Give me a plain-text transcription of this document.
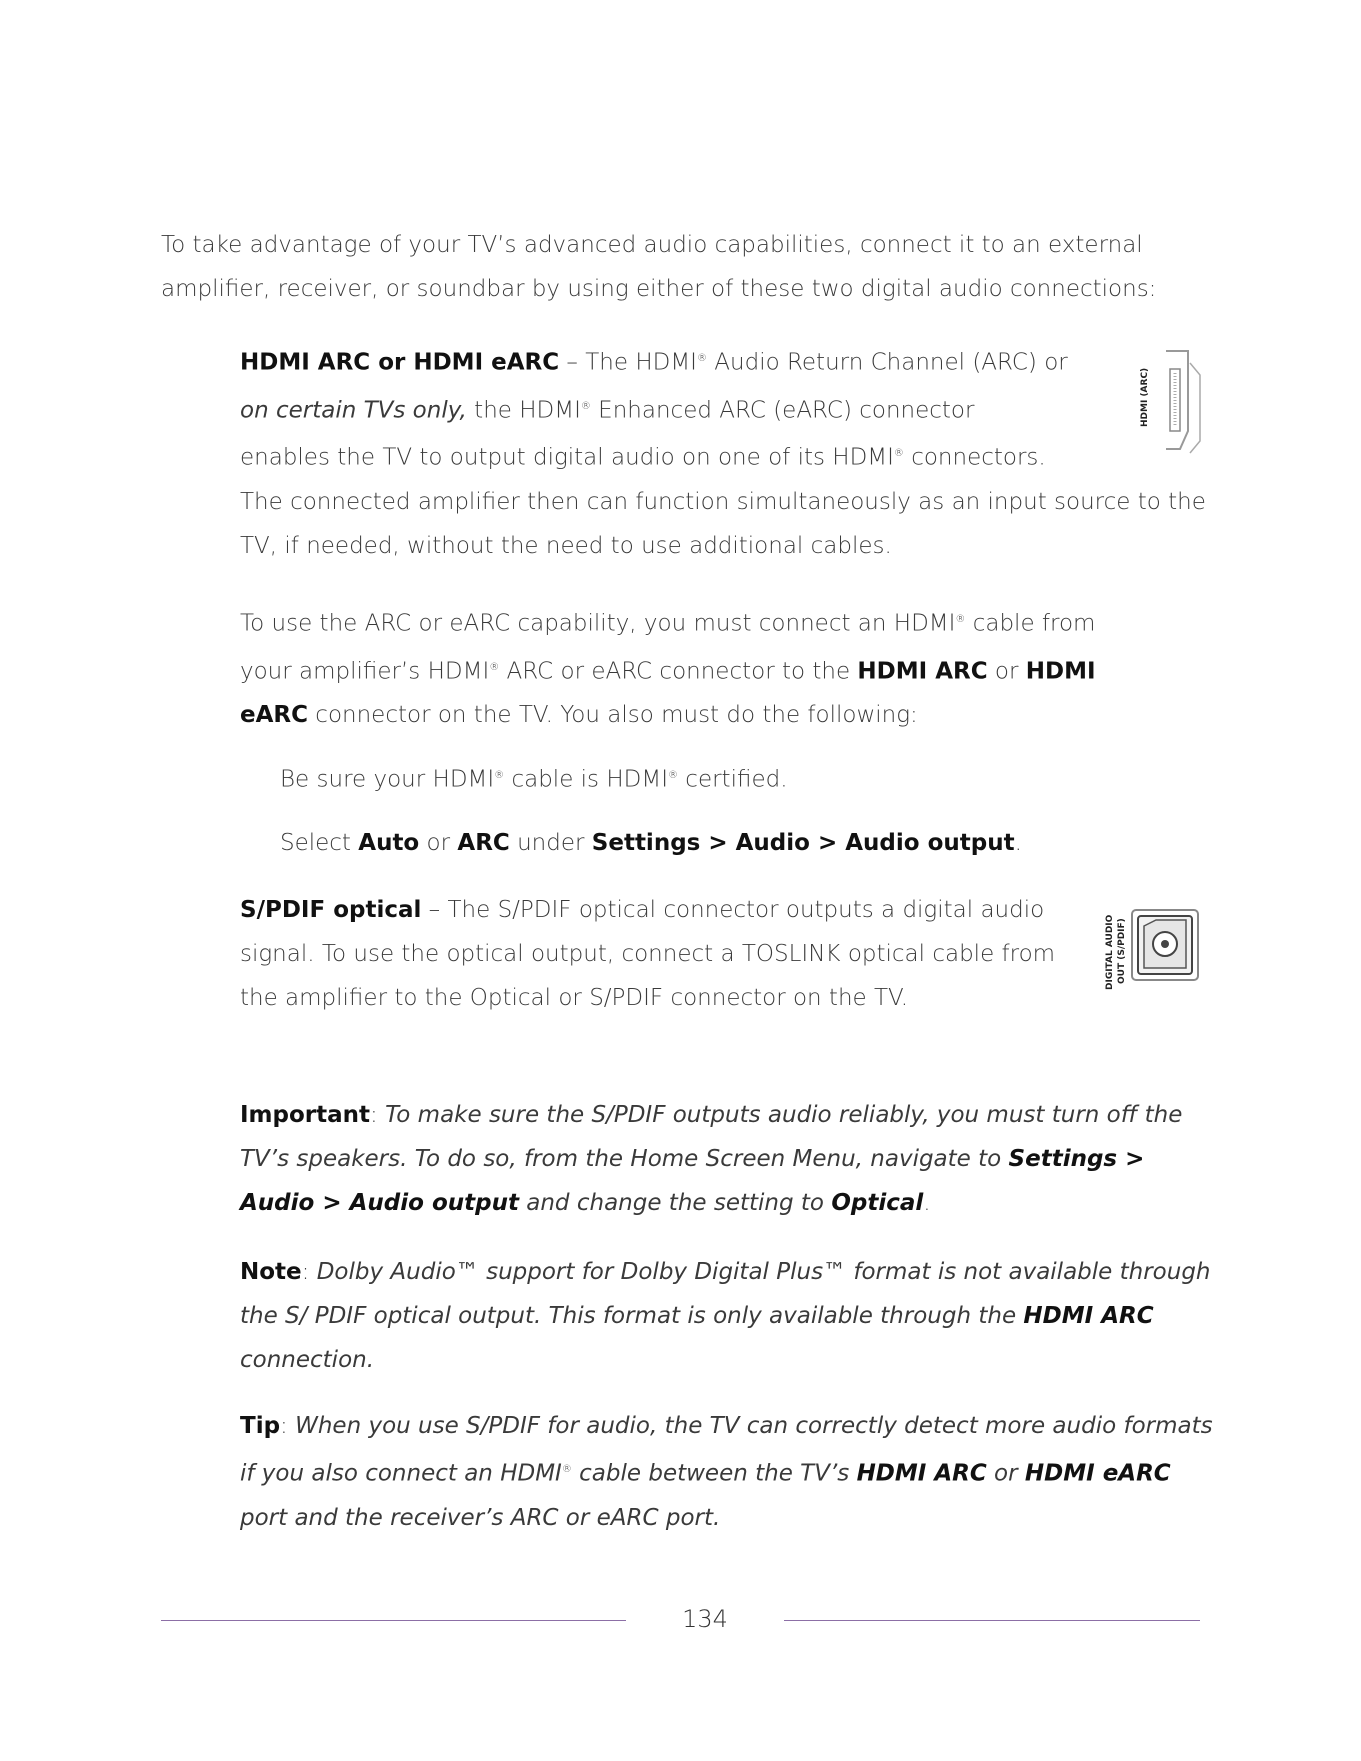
To take advantage of your TV’s advanced audio capabilities, connect it to an external amplifier, receiver, or soundbar by using either of these two digital audio connections:

HDMI ARC or HDMI eARC – The HDMI® Audio Return Channel (ARC) or
on certain TVs only, the HDMI® Enhanced ARC (eARC) connector
enables the TV to output digital audio on one of its HDMI® connectors.
The connected amplifier then can function simultaneously as an input source to the TV, if needed, without the need to use additional cables.
HDMI (ARC)

To use the ARC or eARC capability, you must connect an HDMI® cable from your amplifier’s HDMI® ARC or eARC connector to the HDMI ARC or HDMI eARC connector on the TV. You also must do the following:

Be sure your HDMI® cable is HDMI® certified.

Select Auto or ARC under Settings > Audio > Audio output.

S/PDIF optical – The S/PDIF optical connector outputs a digital audio signal. To use the optical output, connect a TOSLINK optical cable from the amplifier to the Optical or S/PDIF connector on the TV.

DIGITAL AUDIO OUT (S/PDIF)

Important: To make sure the S/PDIF outputs audio reliably, you must turn off the TV’s speakers. To do so, from the Home Screen Menu, navigate to Settings > Audio > Audio output and change the setting to Optical.

Note: Dolby Audio™ support for Dolby Digital Plus™ format is not available through the S/ PDIF optical output. This format is only available through the HDMI ARC connection.

Tip: When you use S/PDIF for audio, the TV can correctly detect more audio formats if you also connect an HDMI® cable between the TV’s HDMI ARC or HDMI eARC port and the receiver’s ARC or eARC port.

134
